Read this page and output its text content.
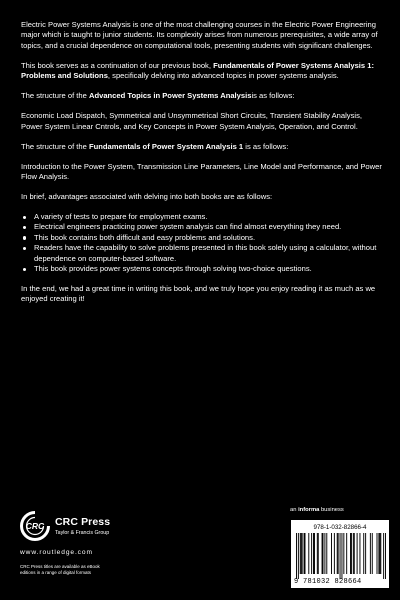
Electric Power Systems Analysis is one of the most challenging courses in the Electric Power Engineering major which is taught to junior students. Its complexity arises from numerous prerequisites, a wide array of topics, and a crucial dependence on computational tools, presenting students with significant challenges.

This book serves as a continuation of our previous book, Fundamentals of Power Systems Analysis 1: Problems and Solutions, specifically delving into advanced topics in power systems analysis.

The structure of the Advanced Topics in Power Systems Analysisis as follows:

Economic Load Dispatch, Symmetrical and Unsymmetrical Short Circuits, Transient Stability Analysis, Power System Linear Cntrols, and Key Concepts in Power System Analysis, Operation, and Control.

The structure of the Fundamentals of Power System Analysis 1 is as follows:

Introduction to the Power System, Transmission Line Parameters, Line Model and Performance, and Power Flow Analysis.

In brief, advantages associated with delving into both books are as follows:

A variety of tests to prepare for employment exams.
Electrical engineers practicing power system analysis can find almost everything they need.
This book contains both difficult and easy problems and solutions.
Readers have the capability to solve problems presented in this book solely using a calculator, without dependence on computer-based software.
This book provides power systems concepts through solving two-choice questions.

In the end, we had a great time in writing this book, and we truly hope you enjoy reading it as much as we enjoyed creating it!

an informa business
CRC CRC Press
Taylor & Francis Group
www.routledge.com
CRC Press titles are available as eBook editions in a range of digital formats
978-1-032-82866-4
9 781032 828664
